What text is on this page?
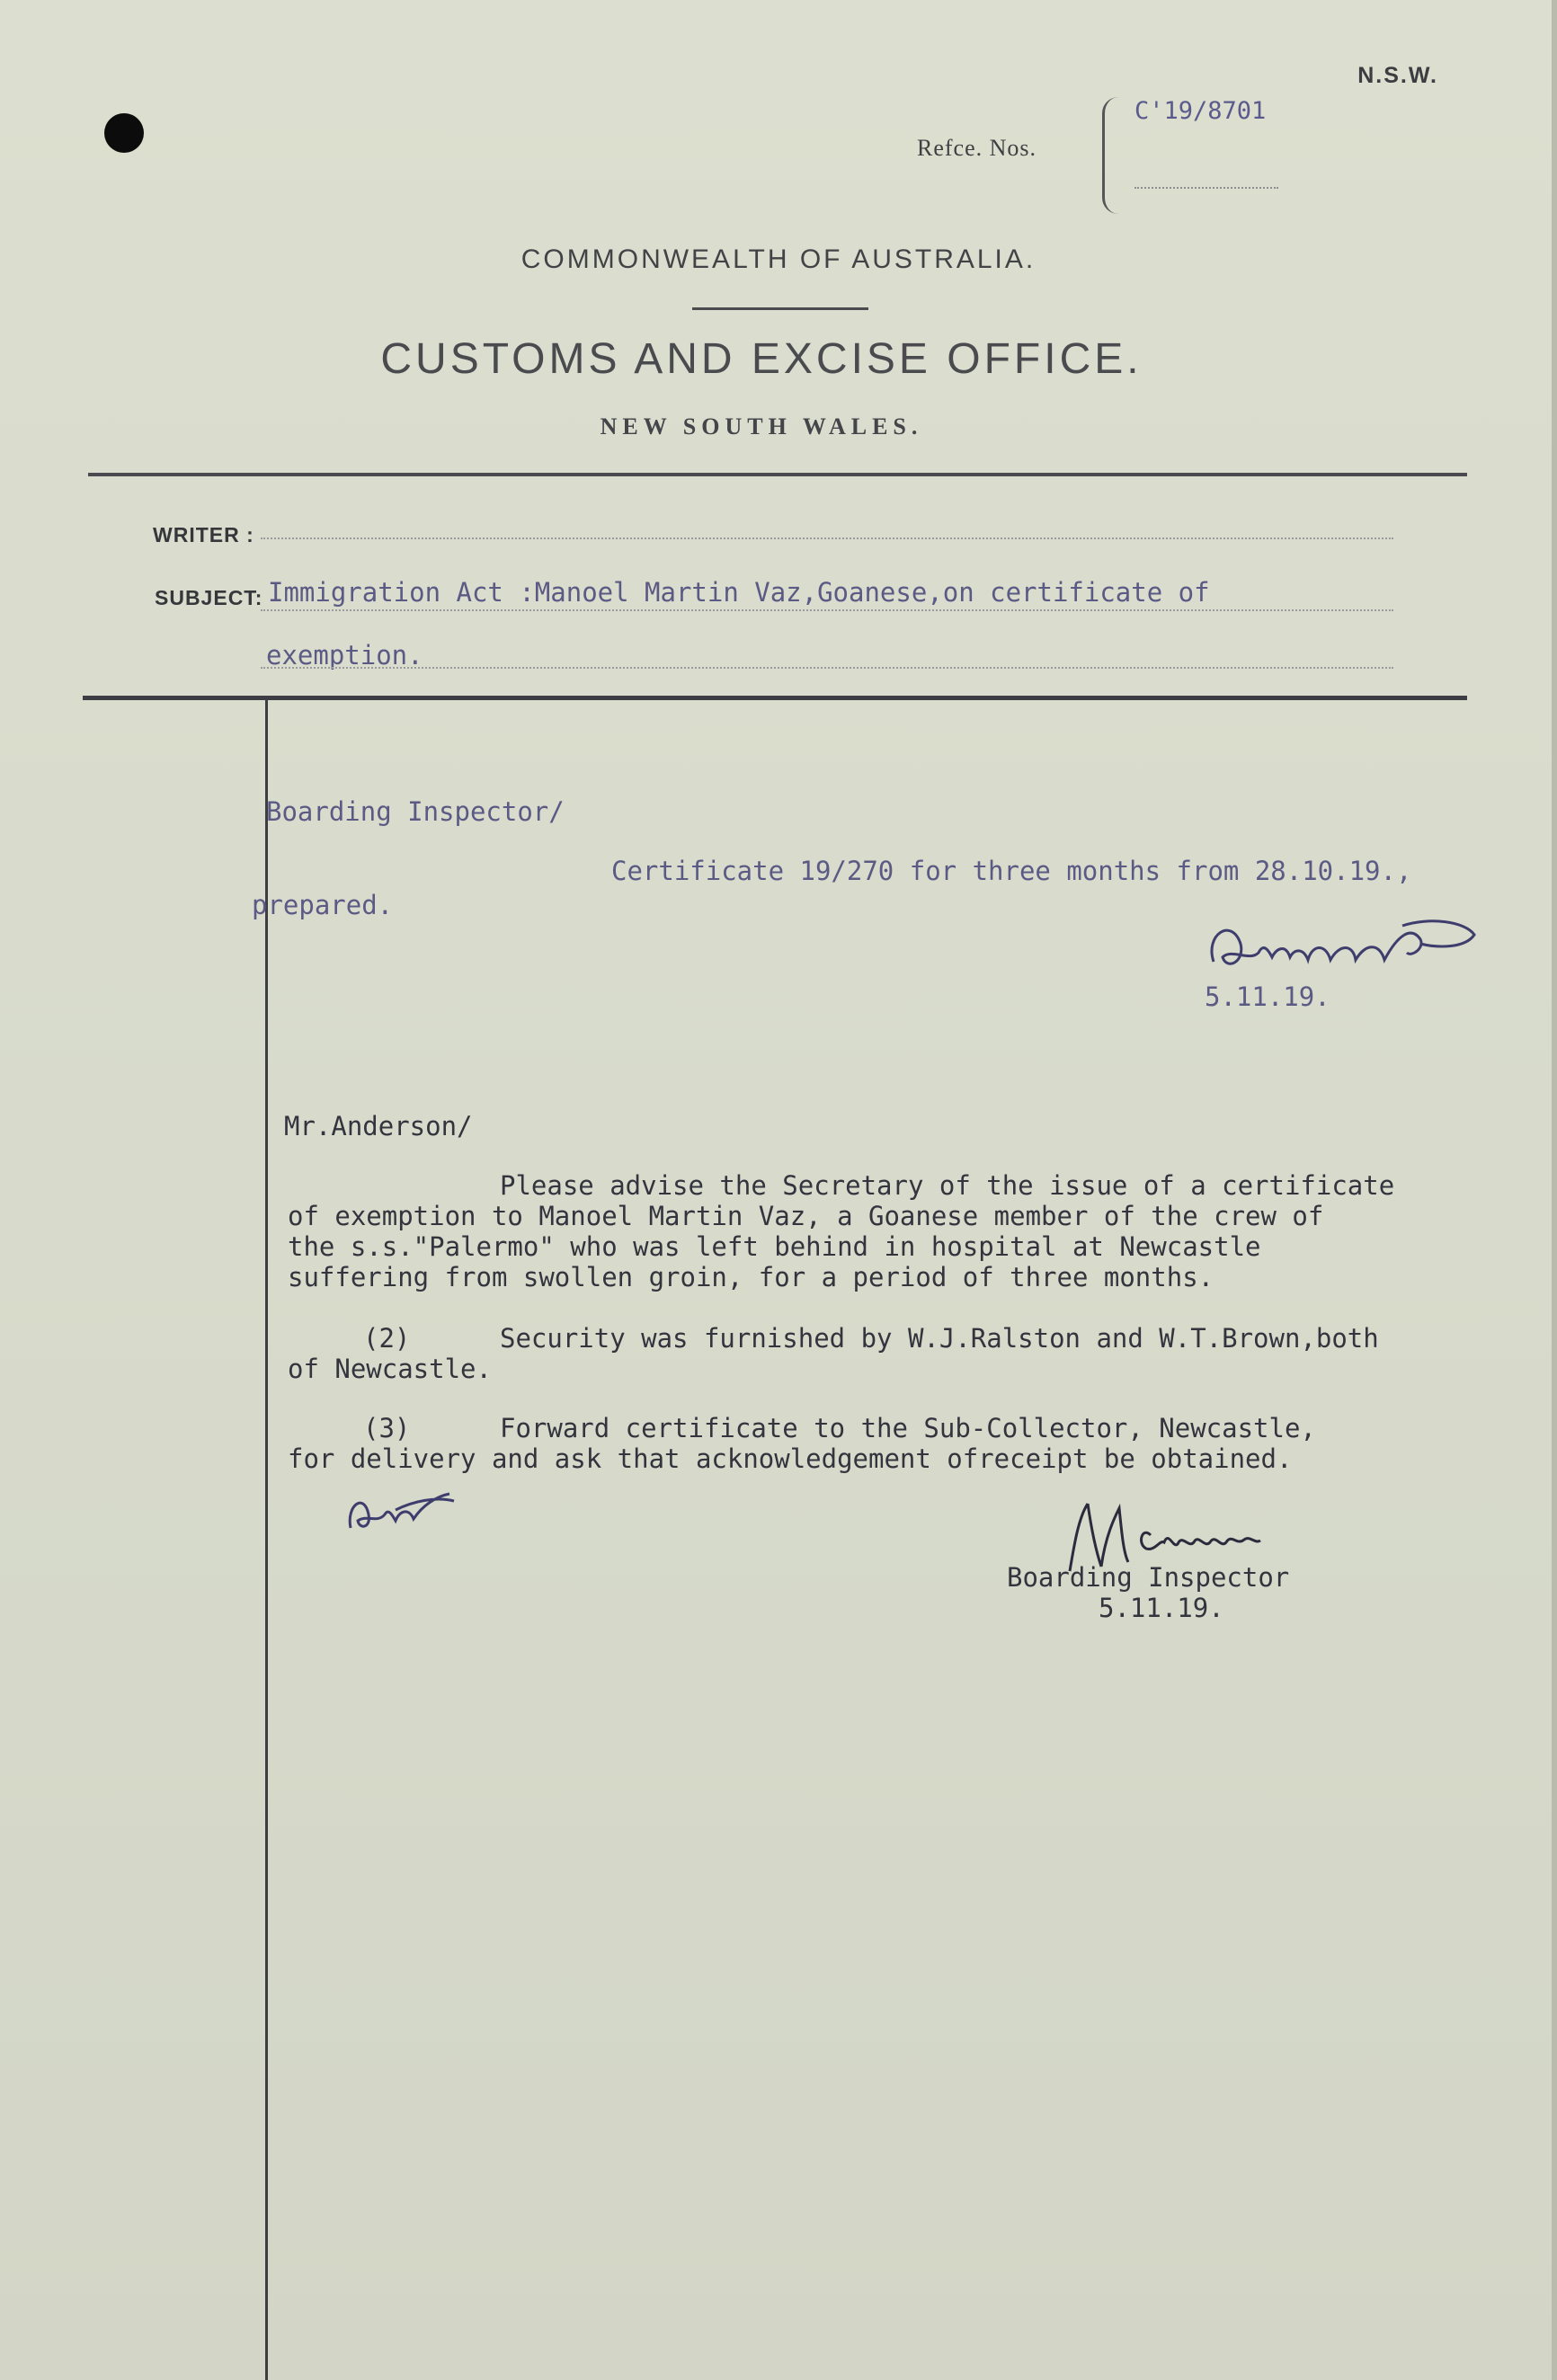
N.S.W.
Refce. Nos.
C'19/8701
COMMONWEALTH OF AUSTRALIA.
CUSTOMS AND EXCISE OFFICE.
NEW SOUTH WALES.
WRITER :
SUBJECT: Immigration Act :Manoel Martin Vaz,Goanese,on certificate of
exemption.
Boarding Inspector/
Certificate 19/270 for three months from 28.10.19.,
prepared.
5.11.19.
Mr.Anderson/
Please advise the Secretary of the issue of a certificate
of exemption to Manoel Martin Vaz, a Goanese member of the crew of
the s.s."Palermo" who was left behind in hospital at Newcastle
suffering from swollen groin, for a period of three months.
(2)	Security was furnished by W.J.Ralston and W.T.Brown,both
of Newcastle.
(3)	Forward certificate to the Sub-Collector, Newcastle,
for delivery and ask that acknowledgement ofreceipt be obtained.
Boarding Inspector
5.11.19.
